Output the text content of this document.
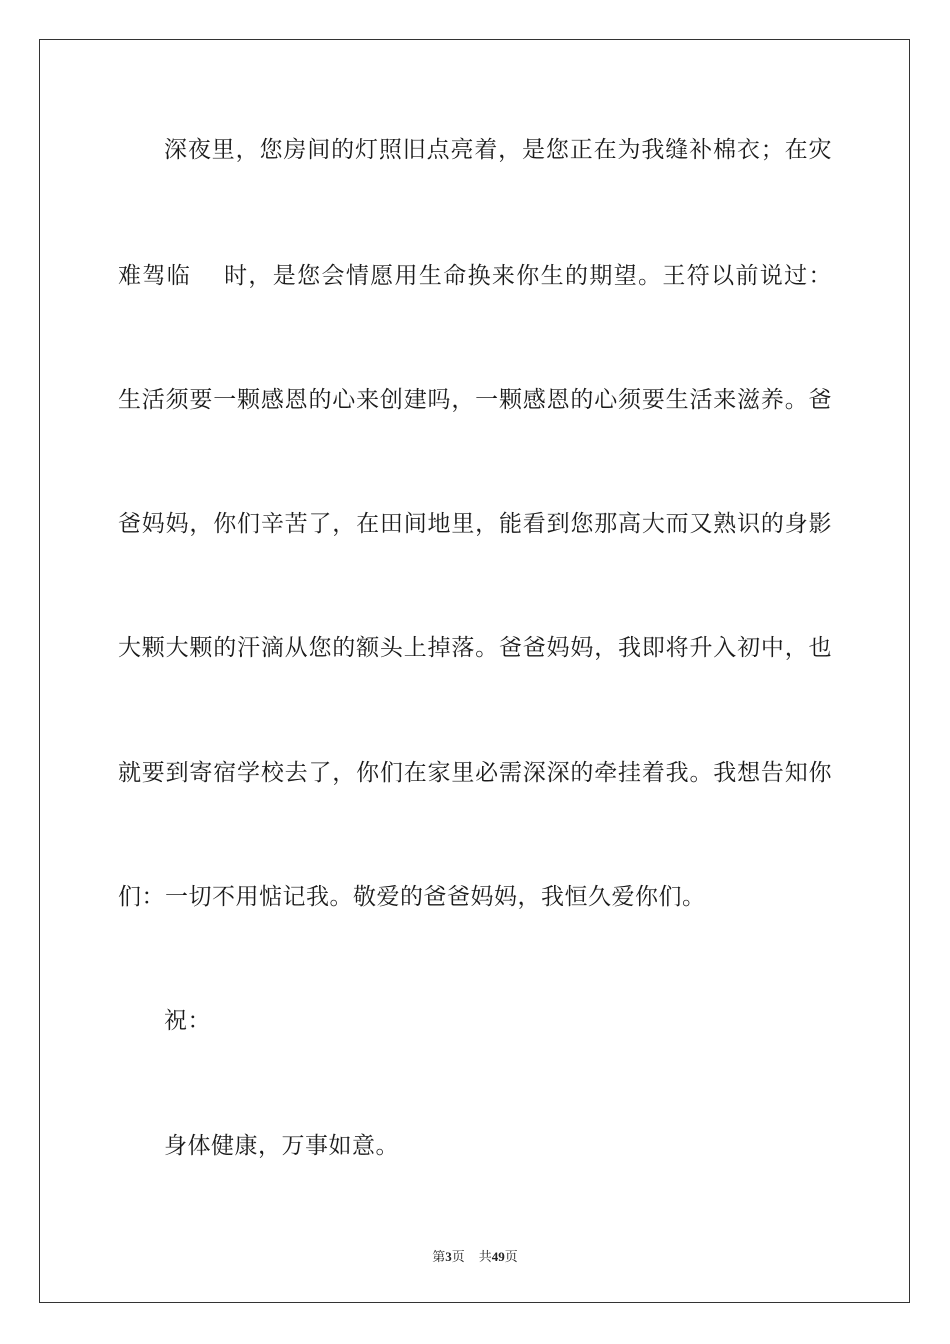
深夜里，您房间的灯照旧点亮着，是您正在为我缝补棉衣；在灾
难驾临　 时，是您会情愿用生命换来你生的期望。王符以前说过：
生活须要一颗感恩的心来创建吗，一颗感恩的心须要生活来滋养。爸
爸妈妈，你们辛苦了，在田间地里，能看到您那高大而又熟识的身影
大颗大颗的汗滴从您的额头上掉落。爸爸妈妈，我即将升入初中，也
就要到寄宿学校去了，你们在家里必需深深的牵挂着我。我想告知你
们：一切不用惦记我。敬爱的爸爸妈妈，我恒久爱你们。
祝：
身体健康，万事如意。
第3页 共49页
